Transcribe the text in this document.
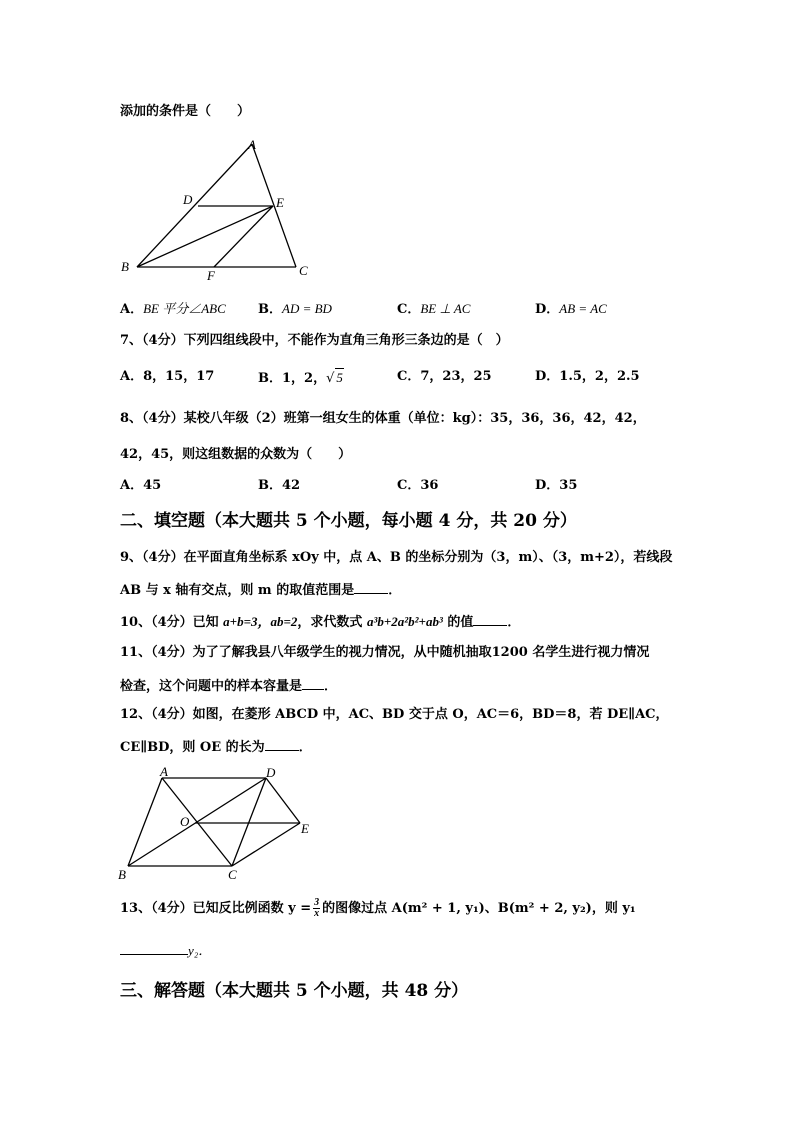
添加的条件是（　　）
A
D	E
B
F	C
A．BE 平分∠ABC B．AD = BD	C．BE ⊥ AC	D．AB = AC
7、（4分）下列四组线段中，不能作为直角三角形三条边的是（　）
A．8，15，17	B．1，2，√ 5	C．7，23，25	D．1.5，2，2.5
8、（4分）某校八年级（2）班第一组女生的体重（单位：kg）：35，36，36，42，42，
42，45，则这组数据的众数为（　　）
A．45	B．42	C．36	D．35
二、填空题（本大题共 5 个小题，每小题 4 分，共 20 分）
9、（4分）在平面直角坐标系 xOy 中，点 A、B 的坐标分别为（3，m）、（3，m+2），若线段
AB 与 x 轴有交点，则 m 的取值范围是	．
10、（4分）已知 a+b=3，ab=2，求代数式 a³b+2a²b²+ab³ 的值	．
11、（4分）为了了解我县八年级学生的视力情况，从中随机抽取1200 名学生进行视力情况
检查，这个问题中的样本容量是 ．
12、（4分）如图，在菱形 ABCD 中，AC、BD 交于点 O，AC＝6，BD＝8，若 DE∥AC，
CE∥BD，则 OE 的长为	．
A	D
O	E
B	C
13、（4分）已知反比例函数 $y = \frac{3}{x}$ 的图像过点 A(m² + 1, y₁)、B(m² + 2, y₂)，则 y₁
y₂．
三、解答题（本大题共 5 个小题，共 48 分）
